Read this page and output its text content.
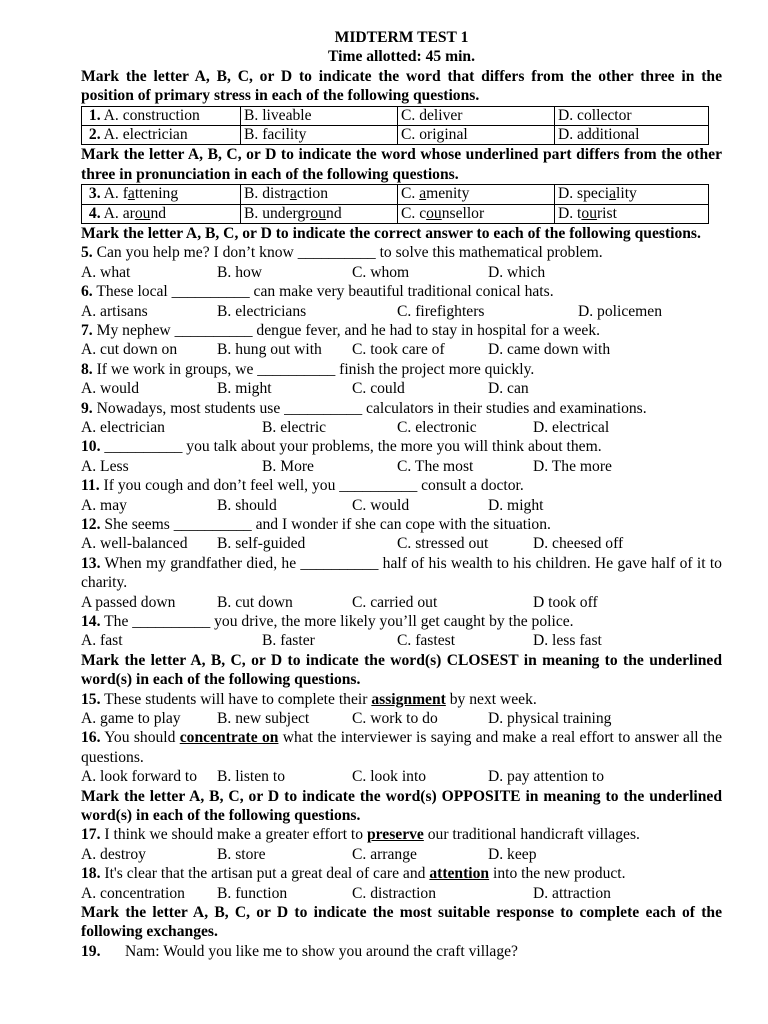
MIDTERM TEST 1
Time allotted: 45 min.
Mark the letter A, B, C, or D to indicate the word that differs from the other three in the position of primary stress in each of the following questions.
1. A. construction	B. liveable	C. deliver	D. collector
2. A. electrician	B. facility	C. original	D. additional
Mark the letter A, B, C, or D to indicate the word whose underlined part differs from the other three in pronunciation in each of the following questions.
3. A. fattening	B. distraction	C. amenity	D. speciality
4. A. around	B. underground	C. counsellor	D. tourist
Mark the letter A, B, C, or D to indicate the correct answer to each of the following questions.
5. Can you help me? I don’t know __________ to solve this mathematical problem.
A. what	B. how	C. whom	D. which
6. These local __________ can make very beautiful traditional conical hats.
A. artisans	B. electricians	C. firefighters	D. policemen
7. My nephew __________ dengue fever, and he had to stay in hospital for a week.
A. cut down on	B. hung out with C. took care of	D. came down with
8. If we work in groups, we __________ finish the project more quickly.
A. would	B. might	C. could	D. can
9. Nowadays, most students use __________ calculators in their studies and examinations.
A. electrician	B. electric	C. electronic	D. electrical
10. __________ you talk about your problems, the more you will think about them.
A. Less	B. More	C. The most	D. The more
11. If you cough and don’t feel well, you __________ consult a doctor.
A. may	B. should	C. would	D. might
12. She seems __________ and I wonder if she can cope with the situation.
A. well-balanced B. self-guided	C. stressed out	D. cheesed off
13. When my grandfather died, he __________ half of his wealth to his children. He gave half of it to charity.
A passed down	B. cut down	C. carried out	D took off
14. The __________ you drive, the more likely you’ll get caught by the police.
A. fast	B. faster	C. fastest	D. less fast
Mark the letter A, B, C, or D to indicate the word(s) CLOSEST in meaning to the underlined word(s) in each of the following questions.
15. These students will have to complete their assignment by next week.
A. game to play B. new subject	C. work to do	D. physical training
16. You should concentrate on what the interviewer is saying and make a real effort to answer all the questions.
A. look forward to B. listen to	C. look into	D. pay attention to
Mark the letter A, B, C, or D to indicate the word(s) OPPOSITE in meaning to the underlined word(s) in each of the following questions.
17. I think we should make a greater effort to preserve our traditional handicraft villages.
A. destroy	B. store	C. arrange	D. keep
18. It's clear that the artisan put a great deal of care and attention into the new product.
A. concentration B. function	C. distraction	D. attraction
Mark the letter A, B, C, or D to indicate the most suitable response to complete each of the following exchanges.
19. Nam: Would you like me to show you around the craft village?
